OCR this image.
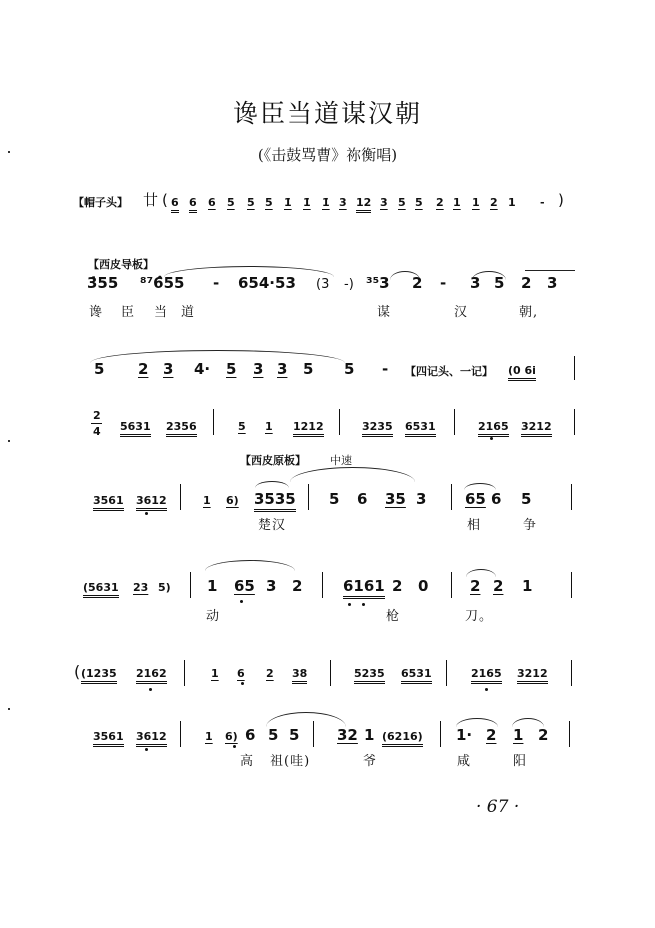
谗臣当道谋汉朝
(《击鼓骂曹》祢衡唱)
【帽子头】 廿 ( 6 6 6 5 5 5 1̇ 1̇ 1̇ 3 12 3 5 5 2 1 1 2 1 - )
【西皮导板】
3̇55 ⁸⁷6̂55 - 654·53 (3 -) ³⁵3 2 - 3 5 2 3
谗 臣 当 道	谋	汉	朝,
5 2 3 4· 5 3 3 5 5 - 【四记头、一记】 (0 6i
2
4 5631 2356	5 1 1212	3235 6531	2165 3212
【西皮原板】 中速
3561 3612	1 6) 3535 5 6 35 3	65 6 5
楚汉	相	争
(5631 23 5) 1 65 3 2	6161 2 0	2 2 1
动	枪	刀。
(1235 2162	1 6 2 38	5235 6531	2165 3212
(
3561 3612	1 6) 6 5 5	32 1 (6216) 1· 2 1 2
高 祖(哇)	爷	咸	阳
· 67 ·
